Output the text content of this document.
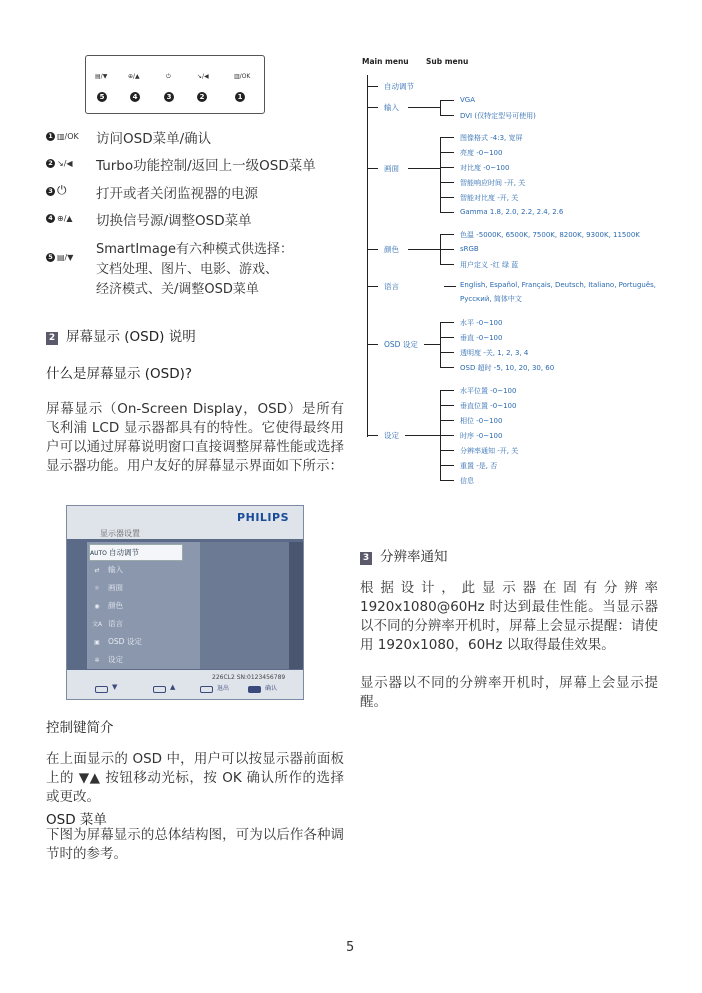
▤/▼	⊕/▲	⏻	↘/◀	▥/OK
5	4	3	2	1
1 ▥/OK	访问OSD菜单/确认
2 ↘/◀	Turbo功能控制/返回上一级OSD菜单
3 ⏻	打开或者关闭监视器的电源
4 ⊕/▲	切换信号源/调整OSD菜单
5 ▤/▼
SmartImage有六种模式供选择：
文档处理、图片、电影、游戏、
经济模式、关/调整OSD菜单
2 屏幕显示 (OSD) 说明
什么是屏幕显示 (OSD)?
屏幕显示（On-Screen Display，OSD）是所有飞利浦 LCD 显示器都具有的特性。它使得最终用户可以通过屏幕说明窗口直接调整屏幕性能或选择显示器功能。用户友好的屏幕显示界面如下所示：
PHILIPS
显示器设置
AUTO 自动调节
⇄ 输入
☼ 画面
◉ 颜色
文A 语言
▣ OSD 设定
✲ 设定
226CL2 SN:0123456789
▼	▲	退出	确认
控制键简介
在上面显示的 OSD 中，用户可以按显示器前面板上的 ▼▲ 按钮移动光标，按 OK 确认所作的选择或更改。
OSD 菜单
下图为屏幕显示的总体结构图，可为以后作各种调节时的参考。
Main menu Sub menu
自动调节
输入
VGA
DVI (仅特定型号可使用)
画面
图像格式 -4:3, 宽屏
亮度 -0~100
对比度 -0~100
智能响应时间 -开, 关
智能对比度 -开, 关
Gamma 1.8, 2.0, 2.2, 2.4, 2.6
颜色
色温 -5000K, 6500K, 7500K, 8200K, 9300K, 11500K
sRGB
用户定义 -红 绿 蓝
语言	English, Español, Français, Deutsch, Italiano, Português,
Русский, 简体中文
OSD 设定
水平 -0~100
垂直 -0~100
透明度 -关, 1, 2, 3, 4
OSD 超时 -5, 10, 20, 30, 60
设定
水平位置 -0~100
垂直位置 -0~100
相位 -0~100
时序 -0~100
分辨率通知 -开, 关
重置 -是, 否
信息
3 分辨率通知
根 据 设 计 ， 此 显 示 器 在 固 有 分 辨 率 1920x1080@60Hz 时达到最佳性能。当显示器以不同的分辨率开机时，屏幕上会显示提醒：请使用 1920x1080，60Hz 以取得最佳效果。
显示器以不同的分辨率开机时，屏幕上会显示提醒。
5
